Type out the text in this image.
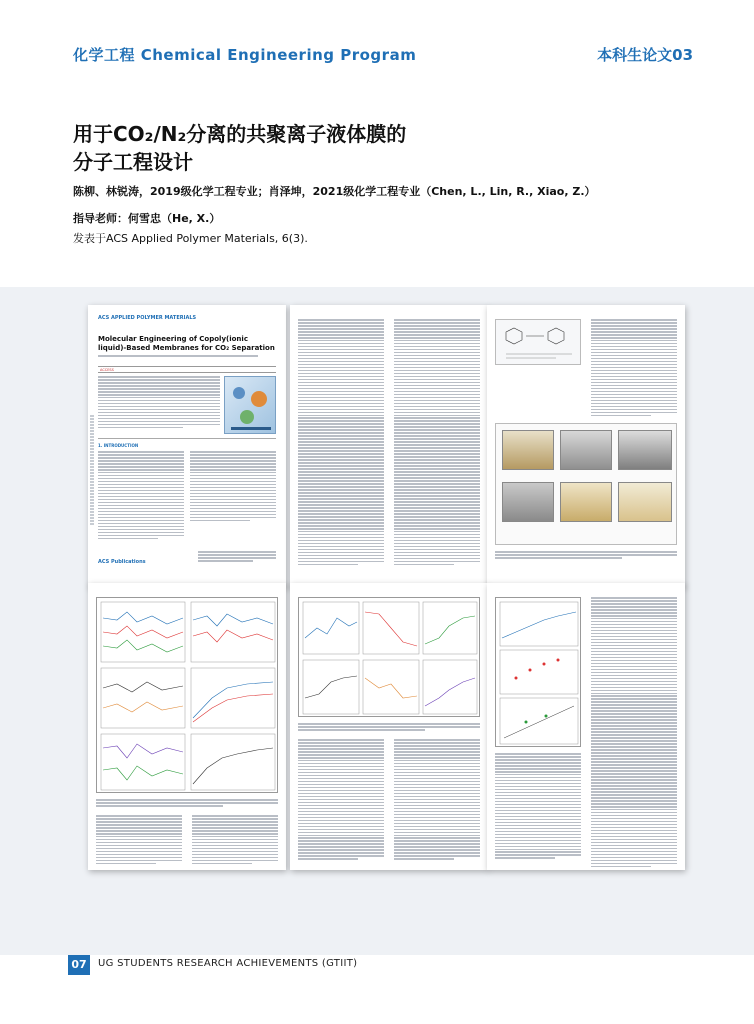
化学工程 Chemical Engineering Program	本科生论文03
用于CO₂/N₂分离的共聚离子液体膜的
分子工程设计
陈柳、林锐涛，2019级化学工程专业；肖泽坤，2021级化学工程专业（Chen, L., Lin, R., Xiao, Z.）
指导老师：何雪忠（He, X.）
发表于ACS Applied Polymer Materials, 6(3).
ACS APPLIED POLYMER MATERIALS
Molecular Engineering of Copoly(ionic liquid)-Based Membranes for CO₂ Separation
ACCESS
1. INTRODUCTION
ACS Publications
07	UG STUDENTS RESEARCH ACHIEVEMENTS (GTIIT)
